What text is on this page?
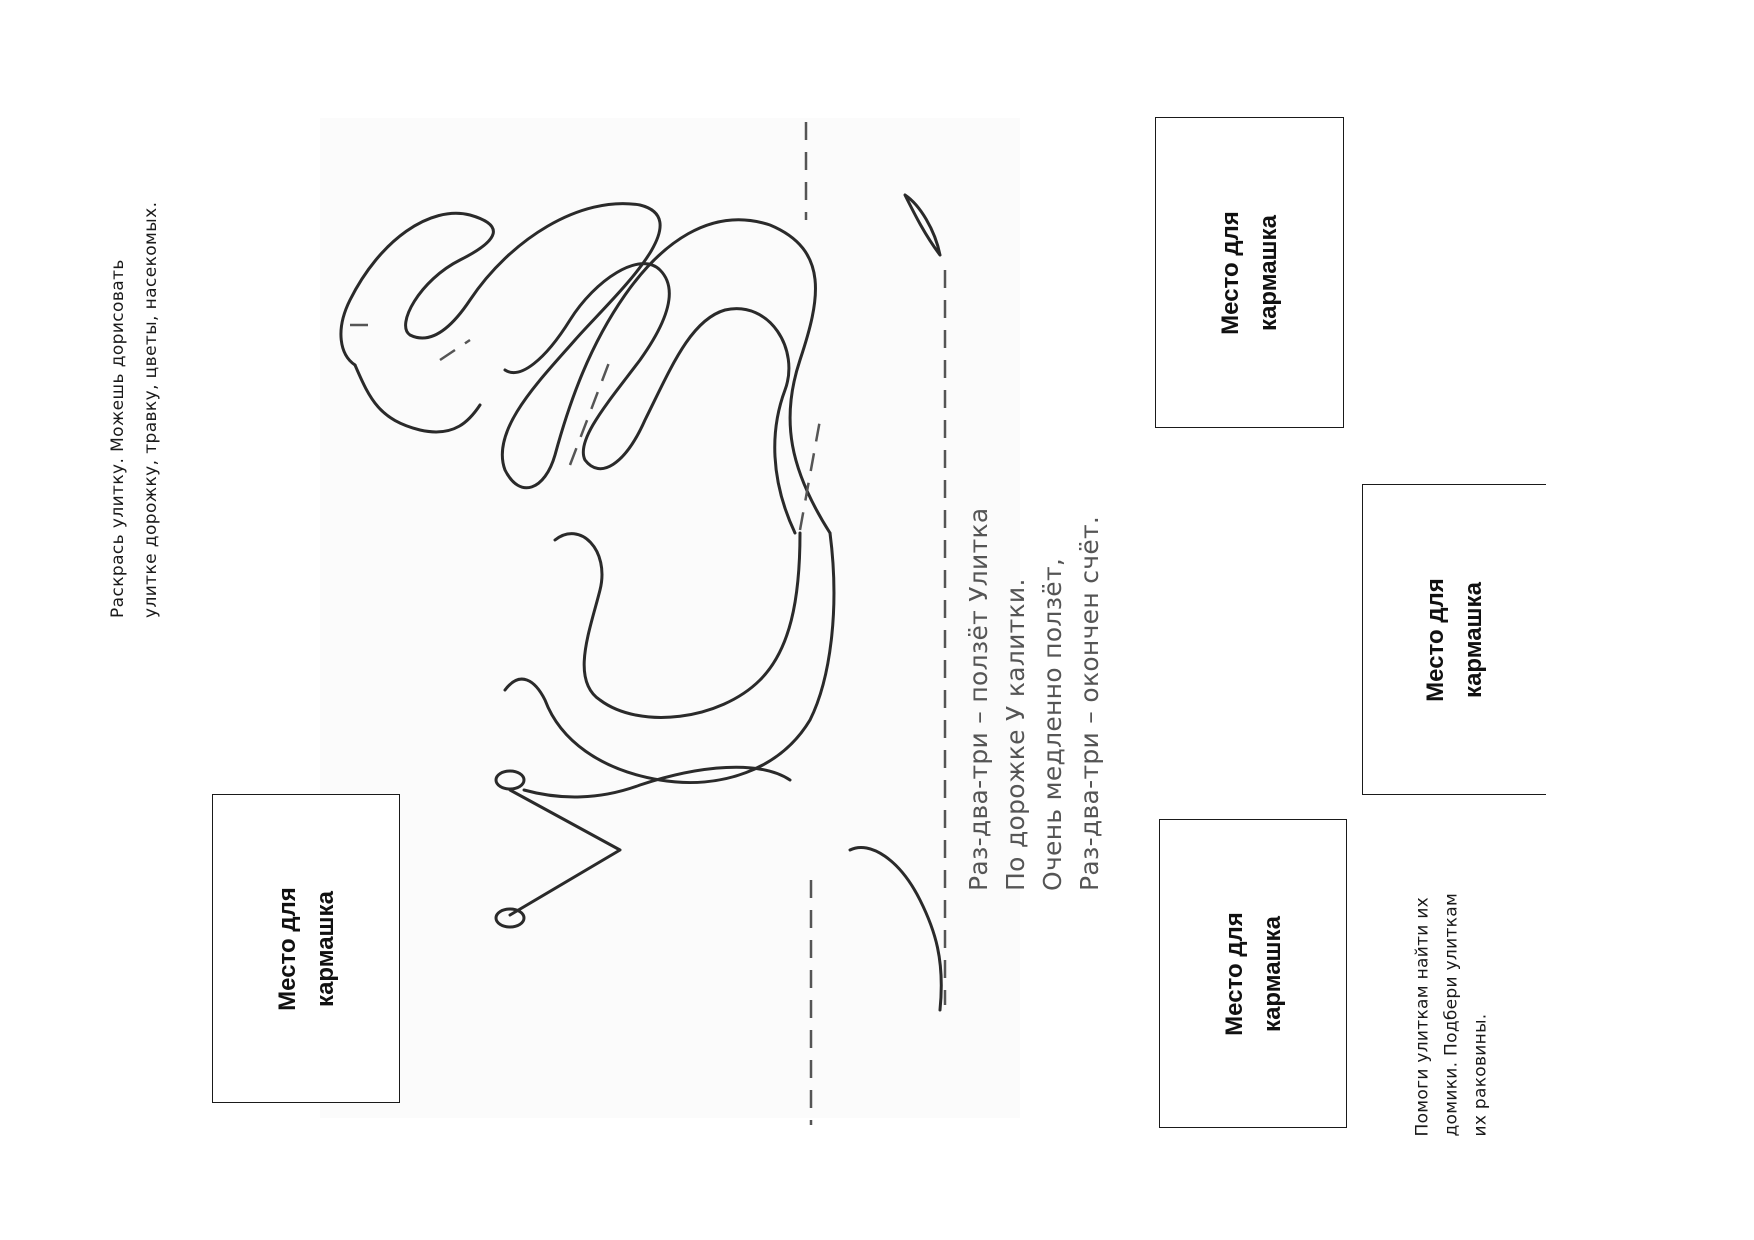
Раскрась улитку. Можешь дорисовать улитке дорожку, травку, цветы, насекомых.
Раз-два-три – ползёт Улитка По дорожке У калитки. Очень медленно ползёт, Раз-два-три – окончен счёт.
Место для кармашка
Место для кармашка
Место для кармашка
Место для кармашка	Помоги улиткам найти их домики. Подбери улиткам их раковины.
